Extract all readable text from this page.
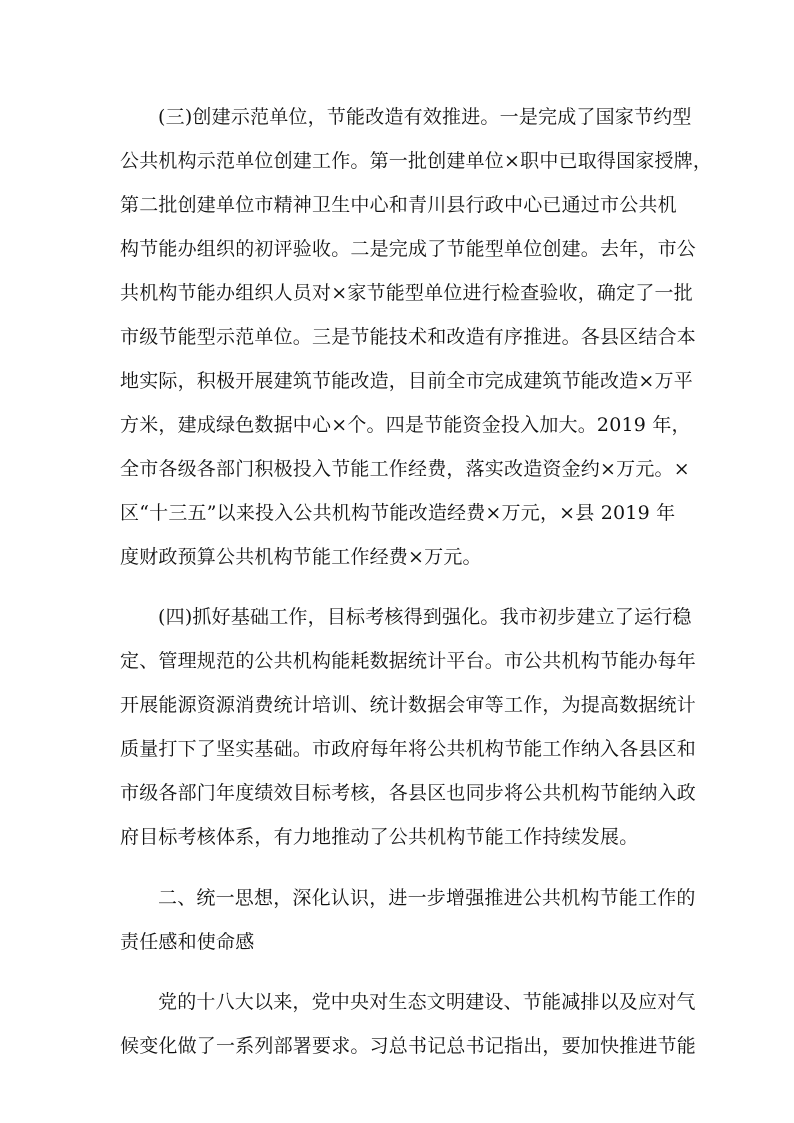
(三)创建示范单位，节能改造有效推进。一是完成了国家节约型
公共机构示范单位创建工作。第一批创建单位×职中已取得国家授牌，
第二批创建单位市精神卫生中心和青川县行政中心已通过市公共机
构节能办组织的初评验收。二是完成了节能型单位创建。去年，市公
共机构节能办组织人员对×家节能型单位进行检查验收，确定了一批
市级节能型示范单位。三是节能技术和改造有序推进。各县区结合本
地实际，积极开展建筑节能改造，目前全市完成建筑节能改造×万平
方米，建成绿色数据中心×个。四是节能资金投入加大。2019 年，
全市各级各部门积极投入节能工作经费，落实改造资金约×万元。×
区“十三五”以来投入公共机构节能改造经费×万元，×县 2019 年
度财政预算公共机构节能工作经费×万元。
(四)抓好基础工作，目标考核得到强化。我市初步建立了运行稳
定、管理规范的公共机构能耗数据统计平台。市公共机构节能办每年
开展能源资源消费统计培训、统计数据会审等工作，为提高数据统计
质量打下了坚实基础。市政府每年将公共机构节能工作纳入各县区和
市级各部门年度绩效目标考核，各县区也同步将公共机构节能纳入政
府目标考核体系，有力地推动了公共机构节能工作持续发展。
二、统一思想，深化认识，进一步增强推进公共机构节能工作的
责任感和使命感
党的十八大以来，党中央对生态文明建设、节能减排以及应对气
候变化做了一系列部署要求。习总书记总书记指出，要加快推进节能
